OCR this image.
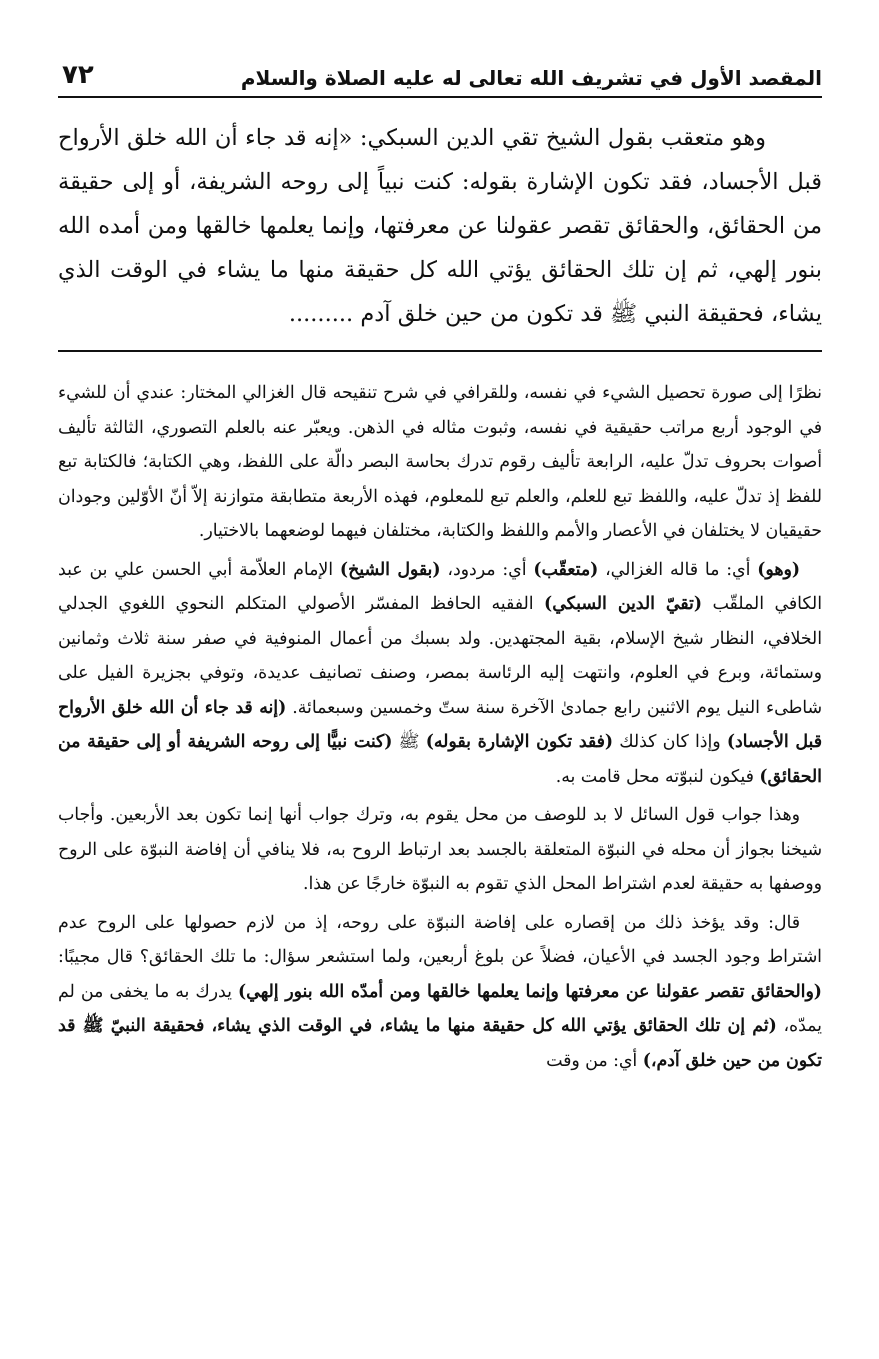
٧٢	المقصد الأول في تشريف الله تعالى له عليه الصلاة والسلام

وهو متعقب بقول الشيخ تقي الدين السبكي: «إنه قد جاء أن الله خلق الأرواح قبل الأجساد، فقد تكون الإشارة بقوله: كنت نبياً إلى روحه الشريفة، أو إلى حقيقة من الحقائق، والحقائق تقصر عقولنا عن معرفتها، وإنما يعلمها خالقها ومن أمده الله بنور إلهي، ثم إن تلك الحقائق يؤتي الله كل حقيقة منها ما يشاء في الوقت الذي يشاء، فحقيقة النبي ﷺ قد تكون من حين خلق آدم .........

نظرًا إلى صورة تحصيل الشيء في نفسه، وللقرافي في شرح تنقيحه قال الغزالي المختار: عندي أن للشيء في الوجود أربع مراتب حقيقية في نفسه، وثبوت مثاله في الذهن. ويعبّر عنه بالعلم التصوري، الثالثة تأليف أصوات بحروف تدلّ عليه، الرابعة تأليف رقوم تدرك بحاسة البصر دالّة على اللفظ، وهي الكتابة؛ فالكتابة تبع للفظ إذ تدلّ عليه، واللفظ تبع للعلم، والعلم تبع للمعلوم، فهذه الأربعة متطابقة متوازنة إلاّ أنّ الأوّلين وجودان حقيقيان لا يختلفان في الأعصار والأمم واللفظ والكتابة، مختلفان فيهما لوضعهما بالاختيار.

(وهو) أي: ما قاله الغزالي، (متعقّب) أي: مردود، (بقول الشيخ) الإمام العلاّمة أبي الحسن علي بن عبد الكافي الملقّب (تقيّ الدين السبكي) الفقيه الحافظ المفسّر الأصولي المتكلم النحوي اللغوي الجدلي الخلافي، النظار شيخ الإسلام، بقية المجتهدين. ولد بسبك من أعمال المنوفية في صفر سنة ثلاث وثمانين وستمائة، وبرع في العلوم، وانتهت إليه الرئاسة بمصر، وصنف تصانيف عديدة، وتوفي بجزيرة الفيل على شاطىء النيل يوم الاثنين رابع جمادىٰ الآخرة سنة ستّ وخمسين وسبعمائة. (إنه قد جاء أن الله خلق الأرواح قبل الأجساد) وإذا كان كذلك (فقد تكون الإشارة بقوله) ﷺ (كنت نبيًّا إلى روحه الشريفة أو إلى حقيقة من الحقائق) فيكون لنبوّته محل قامت به.

وهذا جواب قول السائل لا بد للوصف من محل يقوم به، وترك جواب أنها إنما تكون بعد الأربعين. وأجاب شيخنا بجواز أن محله في النبوّة المتعلقة بالجسد بعد ارتباط الروح به، فلا ينافي أن إفاضة النبوّة على الروح ووصفها به حقيقة لعدم اشتراط المحل الذي تقوم به النبوّة خارجًا عن هذا.

قال: وقد يؤخذ ذلك من إقصاره على إفاضة النبوّة على روحه، إذ من لازم حصولها على الروح عدم اشتراط وجود الجسد في الأعيان، فضلاً عن بلوغ أربعين، ولما استشعر سؤال: ما تلك الحقائق؟ قال مجيبًا: (والحقائق تقصر عقولنا عن معرفتها وإنما يعلمها خالقها ومن أمدّه الله بنور إلهي) يدرك به ما يخفى من لم يمدّه، (ثم إن تلك الحقائق يؤتي الله كل حقيقة منها ما يشاء، في الوقت الذي يشاء، فحقيقة النبيّ ﷺ قد تكون من حين خلق آدم،) أي: من وقت
